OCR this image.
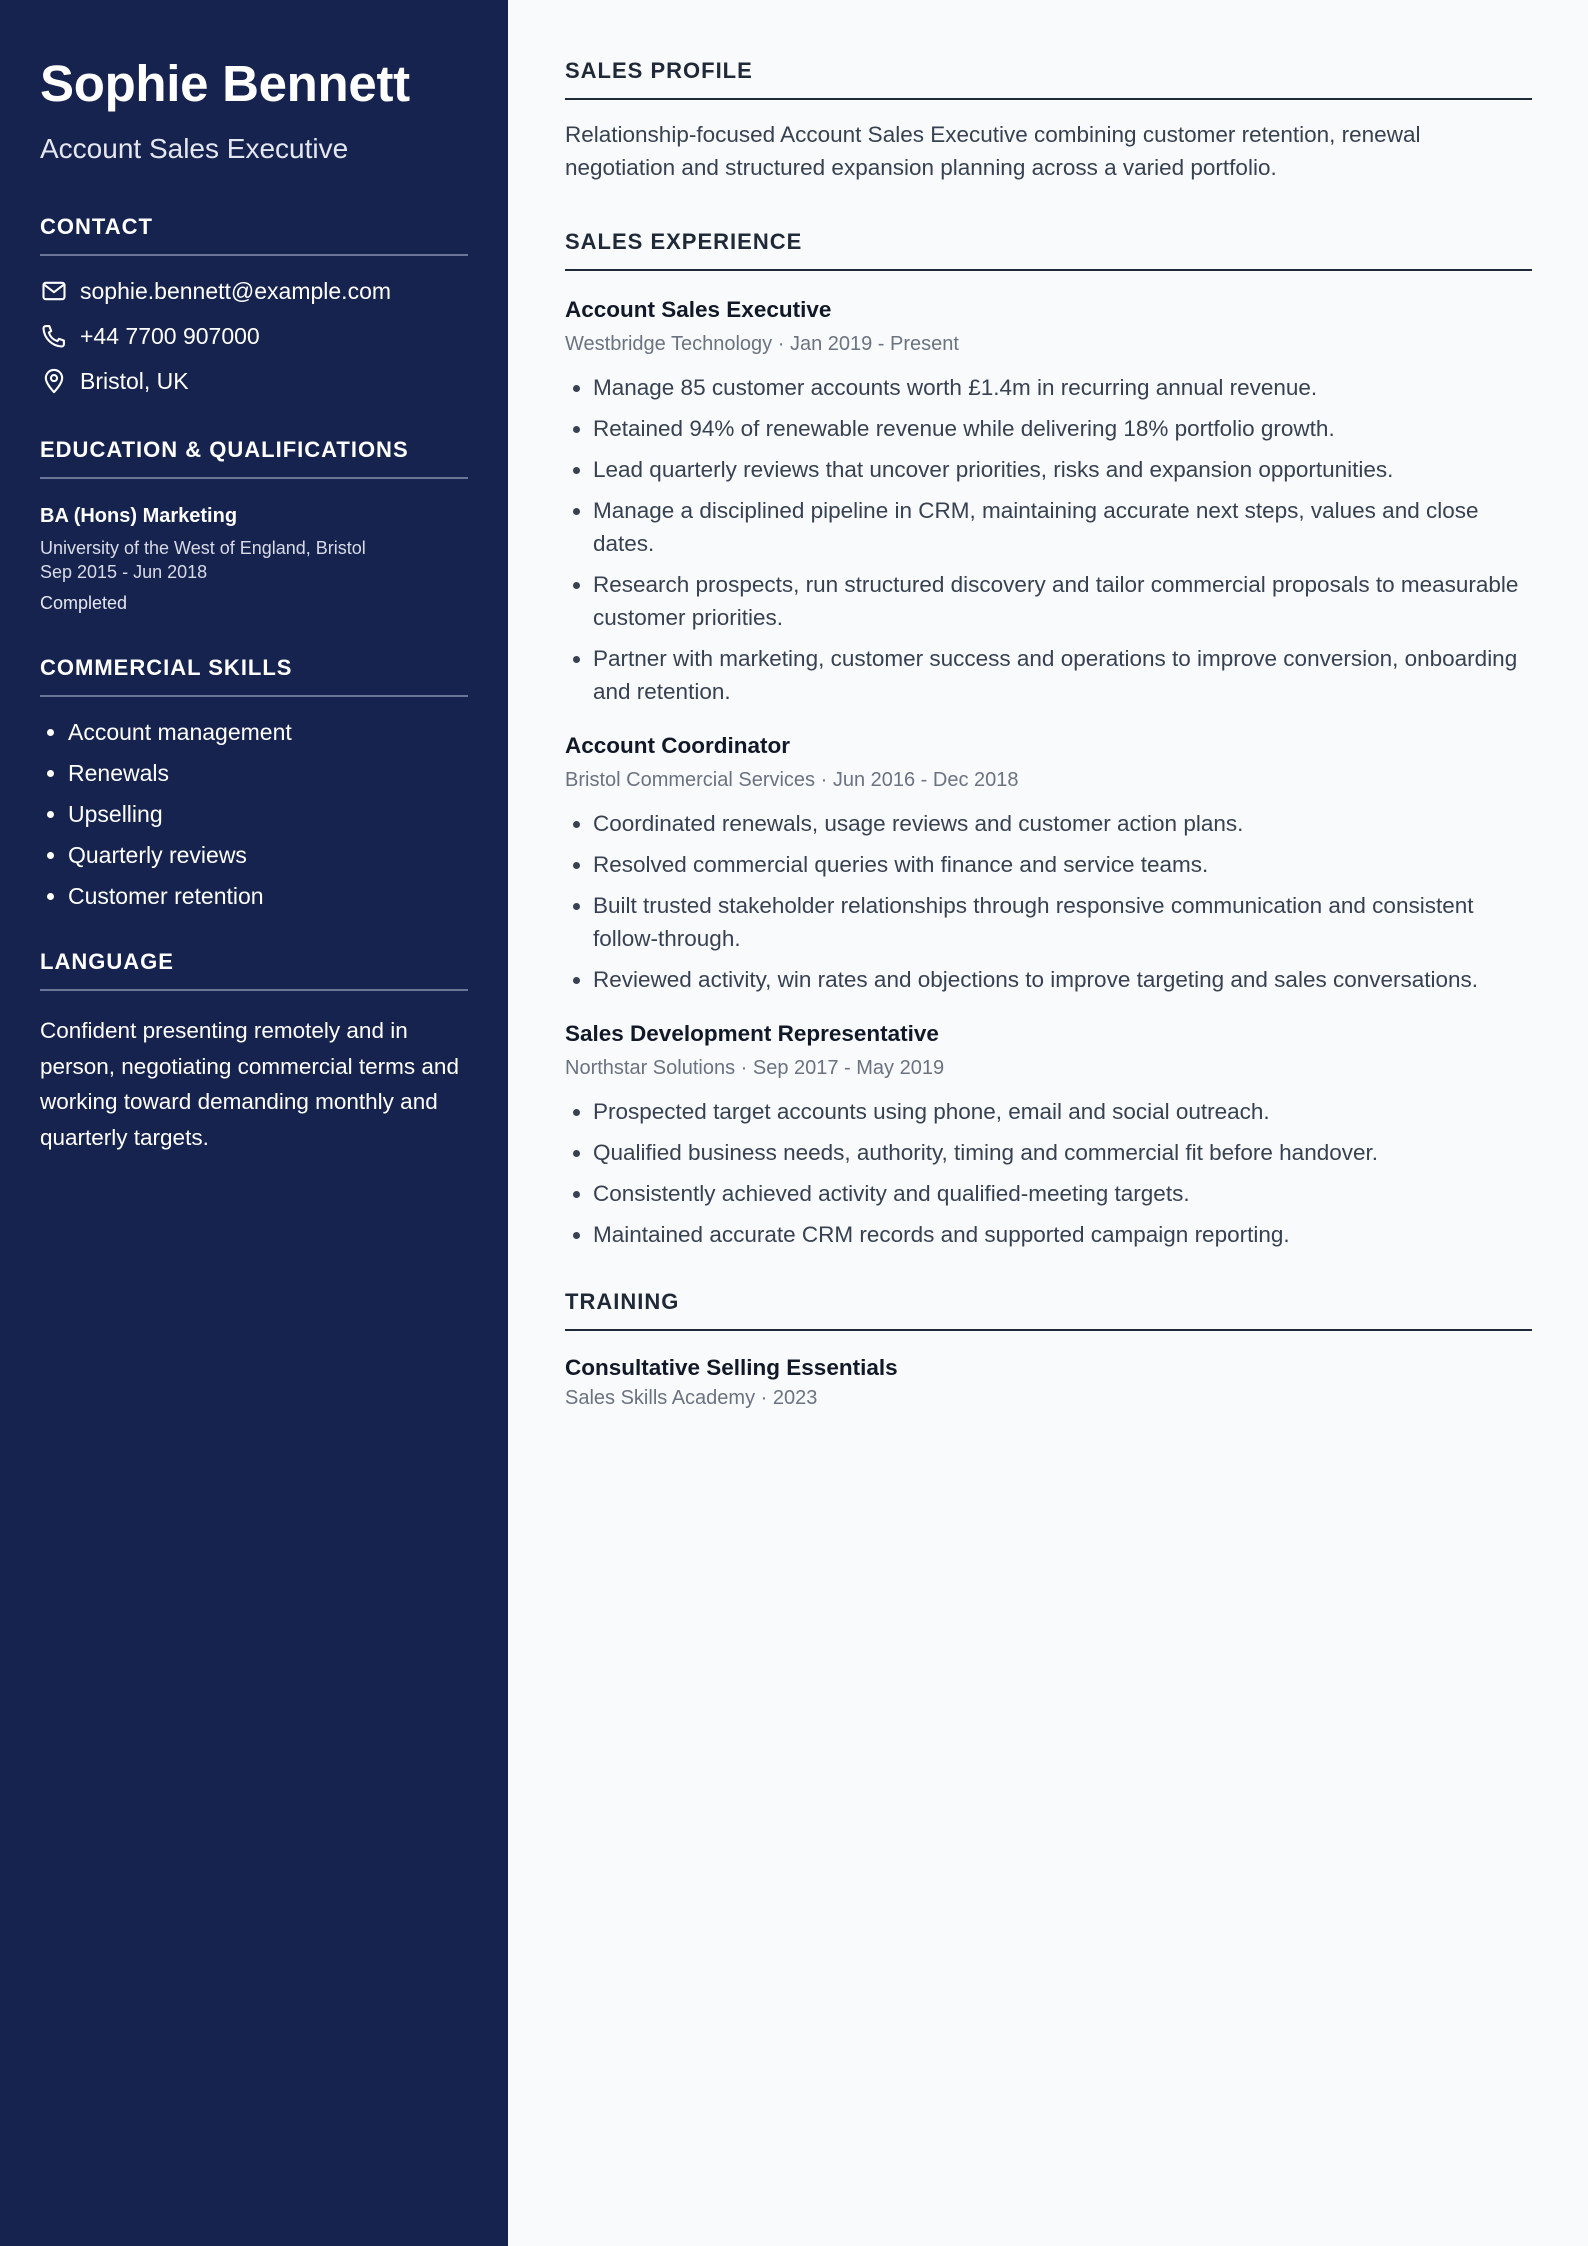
Sophie Bennett
Account Sales Executive
CONTACT
sophie.bennett@example.com
+44 7700 907000
Bristol, UK
EDUCATION & QUALIFICATIONS
BA (Hons) Marketing
University of the West of England, Bristol
Sep 2015 - Jun 2018
Completed
COMMERCIAL SKILLS
• Account management
• Renewals
• Upselling
• Quarterly reviews
• Customer retention
LANGUAGE

Confident presenting remotely and in person, negotiating commercial terms and working toward demanding monthly and quarterly targets.

SALES PROFILE

Relationship-focused Account Sales Executive combining customer retention, renewal negotiation and structured expansion planning across a varied portfolio.

SALES EXPERIENCE
Account Sales Executive
Westbridge Technology · Jan 2019 - Present
• Manage 85 customer accounts worth £1.4m in recurring annual revenue.
• Retained 94% of renewable revenue while delivering 18% portfolio growth.
• Lead quarterly reviews that uncover priorities, risks and expansion opportunities.
• Manage a disciplined pipeline in CRM, maintaining accurate next steps, values and close dates.
• Research prospects, run structured discovery and tailor commercial proposals to measurable customer priorities.
• Partner with marketing, customer success and operations to improve conversion, onboarding and retention.
Account Coordinator
Bristol Commercial Services · Jun 2016 - Dec 2018
• Coordinated renewals, usage reviews and customer action plans.
• Resolved commercial queries with finance and service teams.
• Built trusted stakeholder relationships through responsive communication and consistent follow-through.
• Reviewed activity, win rates and objections to improve targeting and sales conversations.
Sales Development Representative
Northstar Solutions · Sep 2017 - May 2019
• Prospected target accounts using phone, email and social outreach.
• Qualified business needs, authority, timing and commercial fit before handover.
• Consistently achieved activity and qualified-meeting targets.
• Maintained accurate CRM records and supported campaign reporting.
TRAINING
Consultative Selling Essentials
Sales Skills Academy · 2023
